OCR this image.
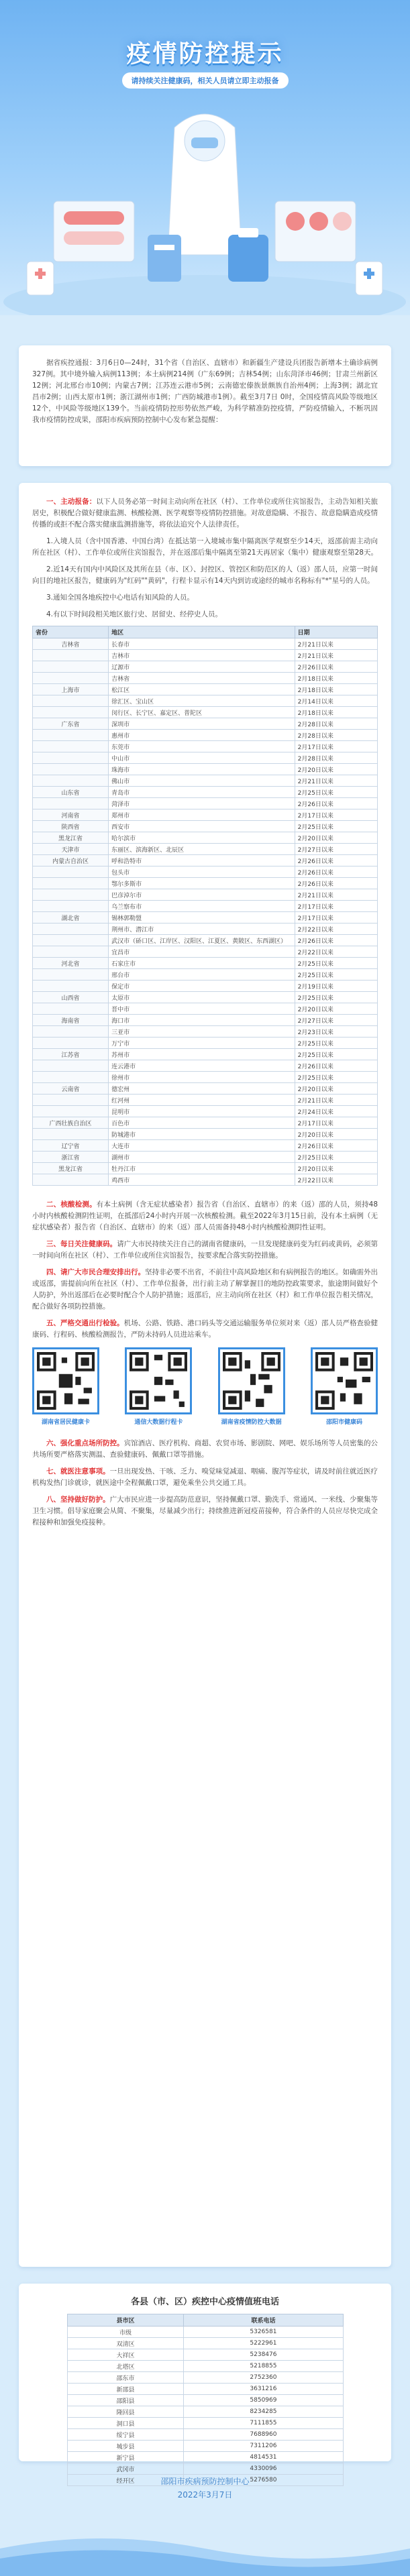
疫情防控提示
请持续关注健康码，相关人员请立即主动报备

据省疾控通报：3月6日0—24时，31个省（自治区、直辖市）和新疆生产建设兵团报告新增本土确诊病例327例。其中境外输入病例113例；本土病例214例（广东69例；吉林54例；山东菏泽市46例；甘肃兰州新区12例；河北邢台市10例；内蒙古7例；江苏连云港市5例；云南德宏傣族景颇族自治州4例；上海3例；湖北宜昌市2例；山西太原市1例；浙江湖州市1例；广西防城港市1例）。截至3月7日 0时，全国疫情高风险等级地区12个，中风险等级地区139个。当前疫情防控形势依然严峻，为科学精准防控疫情，严防疫情输入，不断巩固我市疫情防控成果，邵阳市疾病预防控制中心发布紧急提醒：

一、主动报备：以下人员务必第一时间主动向所在社区（村）、工作单位或所住宾馆报告，主动告知相关旅居史，积极配合做好健康监测、核酸检测、医学观察等疫情防控措施。对故意隐瞒、不报告、故意隐瞒造成疫情传播的或拒不配合落实健康监测措施等，将依法追究个人法律责任。

1.入境人员（含中国香港、中国台湾）在抵达第一入境城市集中隔离医学观察至少14天，返邵前需主动向所在社区（村）、工作单位或所住宾馆报告，并在返邵后集中隔离至第21天再居家（集中）健康观察至第28天。

2.近14天有国内中风险区及其所在县（市、区）、封控区、管控区和防范区的人（返）邵人员，应第一时间向目的地社区报告，健康码为"红码""黄码"，行程卡显示有14天内到访或途经的城市名称标有"*"星号的人员。

3.通知全国各地疾控中心电话有知风险的人员。

4.有以下时间段相关地区旅行史、居留史、经停史人员。

省份	地区	日期
吉林省	长春市	2月21日以来
	吉林市	2月21日以来
	辽源市	2月26日以来
	吉林省	2月18日以来
上海市	松江区	2月18日以来
	徐汇区、宝山区	2月14日以来
	闵行区、长宁区、嘉定区、普陀区	2月18日以来
广东省	深圳市	2月28日以来
	惠州市	2月28日以来
	东莞市	2月17日以来
	中山市	2月28日以来
	珠海市	2月20日以来
	佛山市	2月21日以来
山东省	青岛市	2月25日以来
	菏泽市	2月26日以来
河南省	郑州市	2月17日以来
陕西省	西安市	2月25日以来
黑龙江省	哈尔滨市	2月20日以来
天津市	东丽区、滨海新区、北辰区	2月27日以来
内蒙古自治区	呼和浩特市	2月26日以来
	包头市	2月26日以来
	鄂尔多斯市	2月26日以来
	巴彦淖尔市	2月21日以来
	乌兰察布市	2月17日以来
湖北省	锡林郭勒盟	2月17日以来
	荆州市、潜江市	2月22日以来
	武汉市（硚口区、江岸区、汉阳区、江夏区、黄陂区、东西湖区）	2月26日以来
	宜昌市	2月22日以来
河北省	石家庄市	2月25日以来
	邢台市	2月25日以来
	保定市	2月19日以来
山西省	太原市	2月25日以来
	晋中市	2月20日以来
海南省	海口市	2月27日以来
	三亚市	2月23日以来
	万宁市	2月25日以来
江苏省	苏州市	2月25日以来
	连云港市	2月26日以来
	徐州市	2月25日以来
云南省	德宏州	2月20日以来
	红河州	2月21日以来
	昆明市	2月24日以来
广西壮族自治区	百色市	2月17日以来
	防城港市	2月20日以来
辽宁省	大连市	2月26日以来
浙江省	湖州市	2月25日以来
黑龙江省	牡丹江市	2月20日以来
	鸡西市	2月22日以来

二、核酸检测。有本土病例（含无症状感染者）报告省（自治区、直辖市）的来（返）邵的人员，须持48小时内核酸检测阴性证明，在抵邵后24小时内开展一次核酸检测。截至2022年3月15日前，没有本土病例（无症状感染者）报告省（自治区、直辖市）的来（返）邵人员需备持48小时内核酸检测阴性证明。

三、每日关注健康码。请广大市民持续关注自己的湖南省健康码，一旦发现健康码变为红码或黄码，必须第一时间向所在社区（村）、工作单位或所住宾馆报告，按要求配合落实防控措施。

四、请广大市民合理安排出行。坚持非必要不出省，不前往中高风险地区和有病例报告的地区。如确需外出或返邵，需提前向所在社区（村）、工作单位报备，出行前主动了解掌握目的地防控政策要求，旅途期间做好个人防护，外出返邵后在必要时配合个人防护措施；返邵后，应主动向所在社区（村）和工作单位报告相关情况，配合做好各项防控措施。

五、严格交通出行检验。机场、公路、铁路、港口码头等交通运输服务单位须对来（返）邵人员严格查验健康码、行程码、核酸检测报告，严防未持码人员进站乘车。

湖南省居民健康卡	通信大数据行程卡	湖南省疫情防控大数据	邵阳市健康码

六、强化重点场所防控。宾馆酒店、医疗机构、商超、农贸市场、影剧院、网吧、娱乐场所等人员密集的公共场所要严格落实测温、查验健康码、佩戴口罩等措施。

七、就医注意事项。一旦出现发热、干咳、乏力、嗅觉味觉减退、咽痛、腹泻等症状，请及时前往就近医疗机构发热门诊就诊，就医途中全程佩戴口罩，避免乘坐公共交通工具。

八、坚持做好防护。广大市民应进一步提高防范意识，坚持佩戴口罩、勤洗手、常通风、一米线、少聚集等卫生习惯。倡导家庭聚会从简、不聚集，尽量减少出行；持续推进新冠疫苗接种，符合条件的人员应尽快完成全程接种和加强免疫接种。

各县（市、区）疾控中心疫情值班电话
县市区	联系电话
市级	5326581
双清区	5222961
大祥区	5238476
北塔区	5218855
邵东市	2752360
新邵县	3631216
邵阳县	5850969
隆回县	8234285
洞口县	7111855
绥宁县	7688960
城步县	7311206
新宁县	4814531
武冈市	4330096
经开区	5276580
邵阳市疾病预防控制中心
2022年3月7日
